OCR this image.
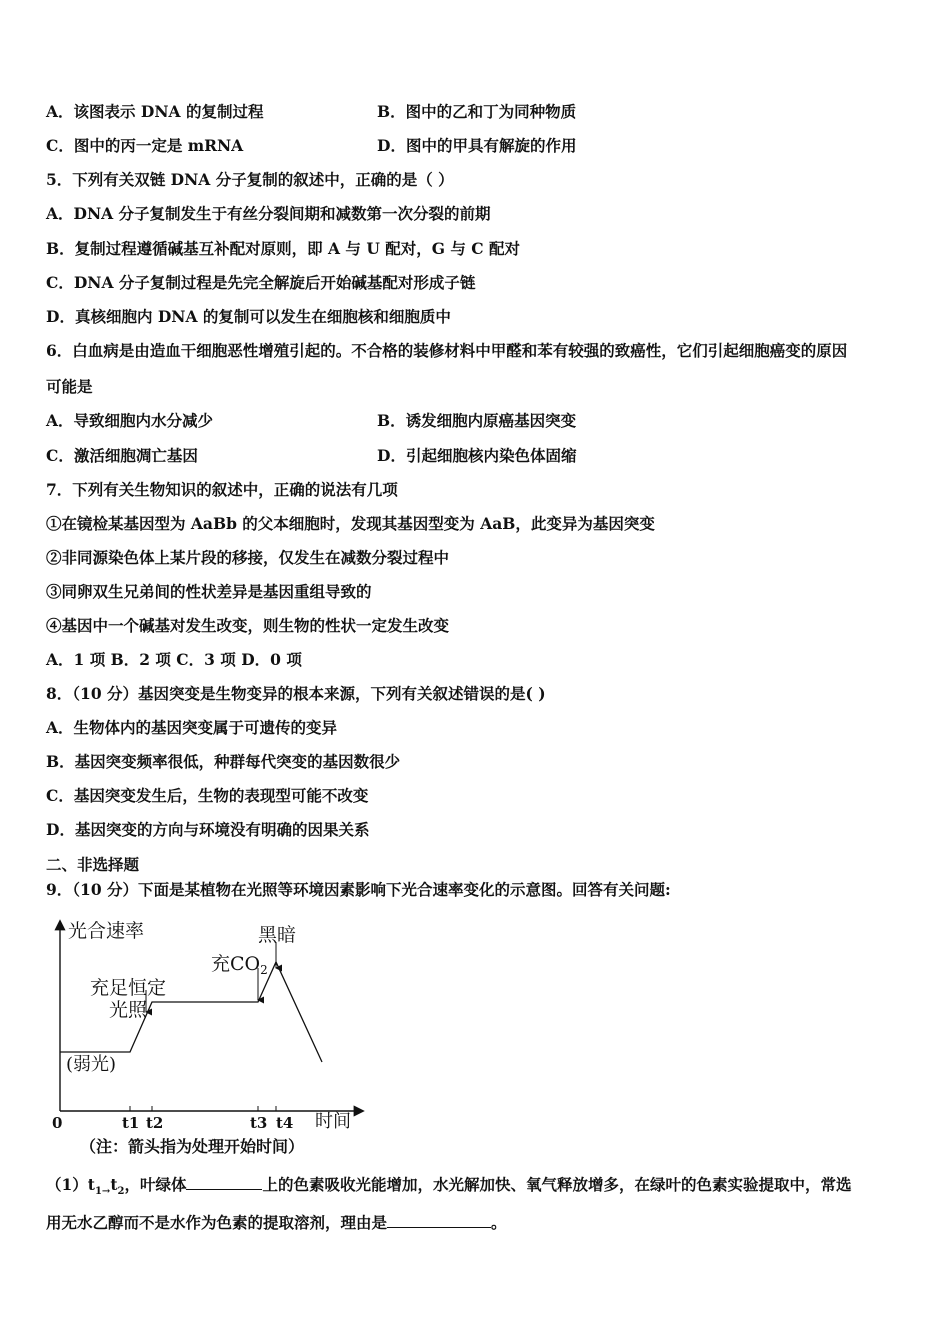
A．该图表示 DNA 的复制过程	B．图中的乙和丁为同种物质
C．图中的丙一定是 mRNA	D．图中的甲具有解旋的作用
5．下列有关双链 DNA 分子复制的叙述中，正确的是（ ）
A．DNA 分子复制发生于有丝分裂间期和减数第一次分裂的前期
B．复制过程遵循碱基互补配对原则，即 A 与 U 配对，G 与 C 配对
C．DNA 分子复制过程是先完全解旋后开始碱基配对形成子链
D．真核细胞内 DNA 的复制可以发生在细胞核和细胞质中
6．白血病是由造血干细胞恶性增殖引起的。不合格的装修材料中甲醛和苯有较强的致癌性，它们引起细胞癌变的原因
可能是
A．导致细胞内水分减少	B．诱发细胞内原癌基因突变
C．激活细胞凋亡基因	D．引起细胞核内染色体固缩
7．下列有关生物知识的叙述中，正确的说法有几项
①在镜检某基因型为 AaBb 的父本细胞时，发现其基因型变为 AaB，此变异为基因突变
②非同源染色体上某片段的移接，仅发生在减数分裂过程中
③同卵双生兄弟间的性状差异是基因重组导致的
④基因中一个碱基对发生改变，则生物的性状一定发生改变
A．1 项 B．2 项 C．3 项 D．0 项
8．（10 分）基因突变是生物变异的根本来源，下列有关叙述错误的是( )
A．生物体内的基因突变属于可遗传的变异
B．基因突变频率很低，种群每代突变的基因数很少
C．基因突变发生后，生物的表现型可能不改变
D．基因突变的方向与环境没有明确的因果关系
二、非选择题
9．（10 分）下面是某植物在光照等环境因素影响下光合速率变化的示意图。回答有关问题:
光合速率
时间
0	t1 t2	t3 t4
(弱光)
充足恒定
光照
充$CO_2$
黑暗
（注：箭头指为处理开始时间）
$(1)t_{1\to}t_2$，叶绿体	上的色素吸收光能增加，水光解加快、氧气释放增多，在绿叶的色素实验提取中，常选
用无水乙醇而不是水作为色素的提取溶剂，理由是	。
